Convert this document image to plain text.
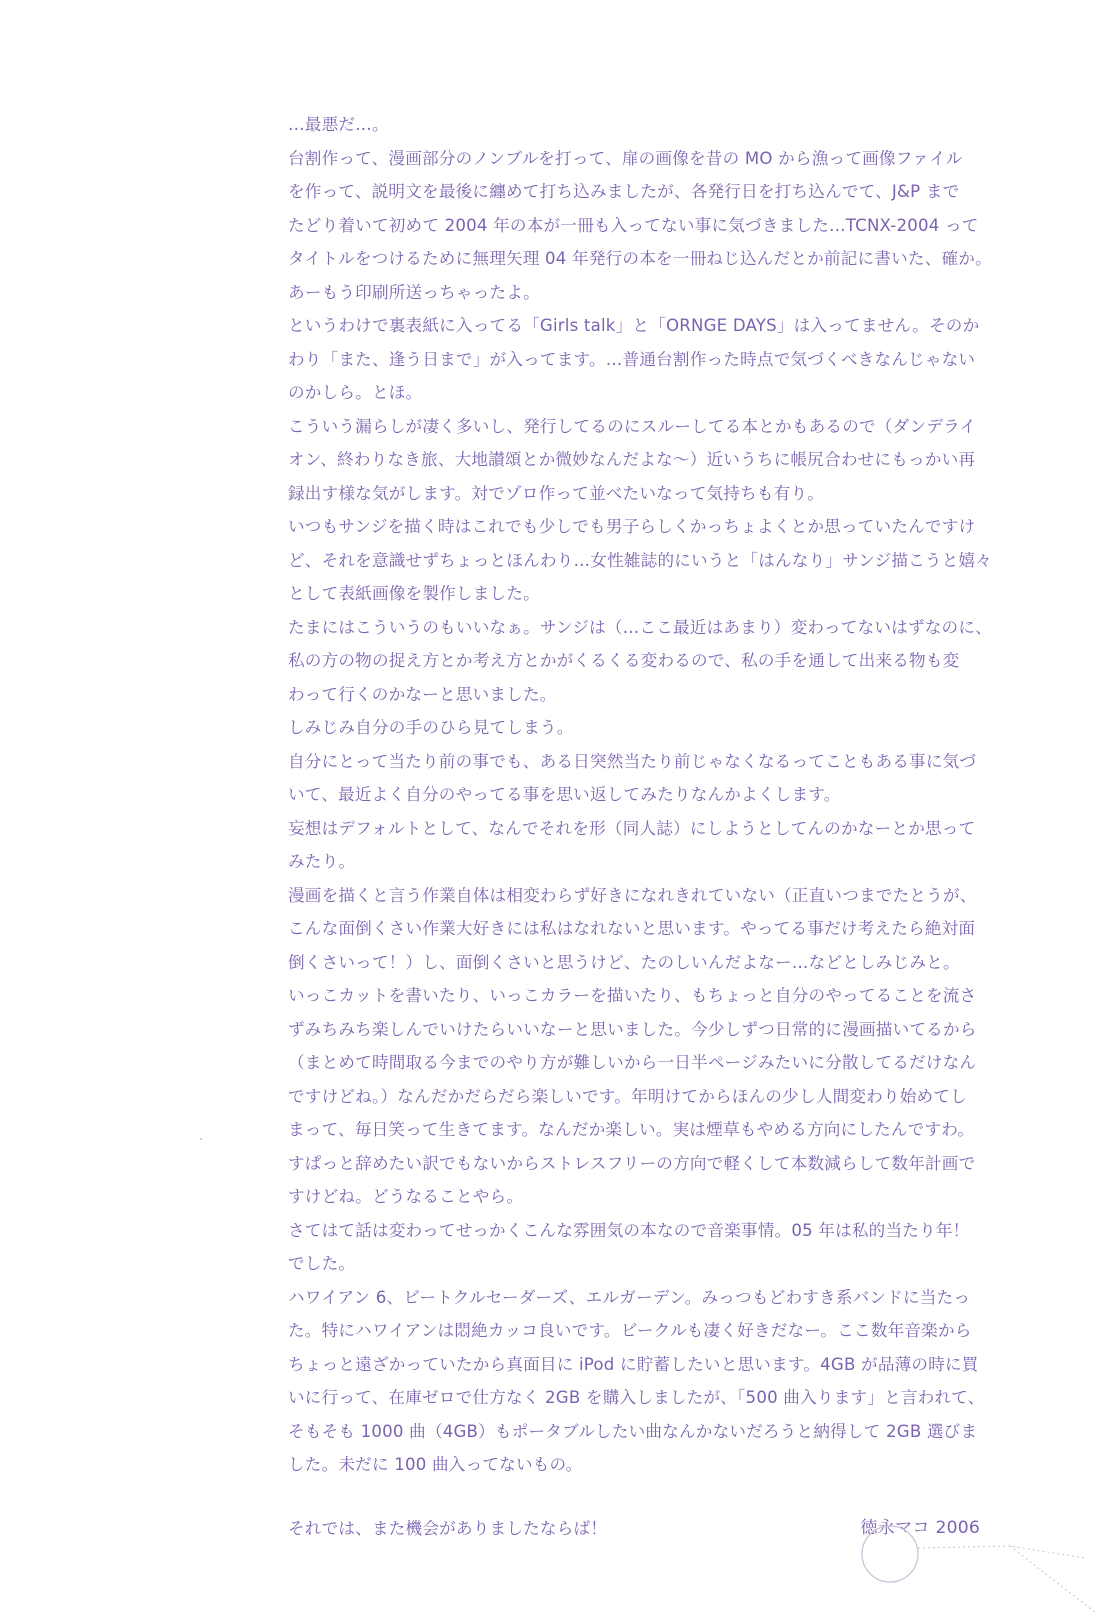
…最悪だ…。
台割作って、漫画部分のノンブルを打って、扉の画像を昔の MO から漁って画像ファイル
を作って、説明文を最後に纏めて打ち込みましたが、各発行日を打ち込んでて、J&P まで
たどり着いて初めて 2004 年の本が一冊も入ってない事に気づきました…TCNX-2004 って
タイトルをつけるために無理矢理 04 年発行の本を一冊ねじ込んだとか前記に書いた、確か。
あーもう印刷所送っちゃったよ。
というわけで裏表紙に入ってる「Girls talk」と「ORNGE DAYS」は入ってません。そのか
わり「また、逢う日まで」が入ってます。…普通台割作った時点で気づくべきなんじゃない
のかしら。とほ。
こういう漏らしが凄く多いし、発行してるのにスルーしてる本とかもあるので（ダンデライ
オン、終わりなき旅、大地讃頌とか微妙なんだよな～）近いうちに帳尻合わせにもっかい再
録出す様な気がします。対でゾロ作って並べたいなって気持ちも有り。
いつもサンジを描く時はこれでも少しでも男子らしくかっちょよくとか思っていたんですけ
ど、それを意識せずちょっとほんわり…女性雑誌的にいうと「はんなり」サンジ描こうと嬉々
として表紙画像を製作しました。
たまにはこういうのもいいなぁ。サンジは（…ここ最近はあまり）変わってないはずなのに、
私の方の物の捉え方とか考え方とかがくるくる変わるので、私の手を通して出来る物も変
わって行くのかなーと思いました。
しみじみ自分の手のひら見てしまう。
自分にとって当たり前の事でも、ある日突然当たり前じゃなくなるってこともある事に気づ
いて、最近よく自分のやってる事を思い返してみたりなんかよくします。
妄想はデフォルトとして、なんでそれを形（同人誌）にしようとしてんのかなーとか思って
みたり。
漫画を描くと言う作業自体は相変わらず好きになれきれていない（正直いつまでたとうが、
こんな面倒くさい作業大好きには私はなれないと思います。やってる事だけ考えたら絶対面
倒くさいって！）し、面倒くさいと思うけど、たのしいんだよなー…などとしみじみと。
いっこカットを書いたり、いっこカラーを描いたり、もちょっと自分のやってることを流さ
ずみちみち楽しんでいけたらいいなーと思いました。今少しずつ日常的に漫画描いてるから
（まとめて時間取る今までのやり方が難しいから一日半ページみたいに分散してるだけなん
ですけどね。）なんだかだらだら楽しいです。年明けてからほんの少し人間変わり始めてし
まって、毎日笑って生きてます。なんだか楽しい。実は煙草もやめる方向にしたんですわ。
すぱっと辞めたい訳でもないからストレスフリーの方向で軽くして本数減らして数年計画で
すけどね。どうなることやら。
さてはて話は変わってせっかくこんな雰囲気の本なので音楽事情。05 年は私的当たり年！
でした。
ハワイアン 6、ビートクルセーダーズ、エルガーデン。みっつもどわすき系バンドに当たっ
た。特にハワイアンは悶絶カッコ良いです。ビークルも凄く好きだなー。ここ数年音楽から
ちょっと遠ざかっていたから真面目に iPod に貯蓄したいと思います。4GB が品薄の時に買
いに行って、在庫ゼロで仕方なく 2GB を購入しましたが、「500 曲入ります」と言われて、
そもそも 1000 曲（4GB）もポータブルしたい曲なんかないだろうと納得して 2GB 選びま
した。未だに 100 曲入ってないもの。
それでは、また機会がありましたならば！	徳永マコ 2006
